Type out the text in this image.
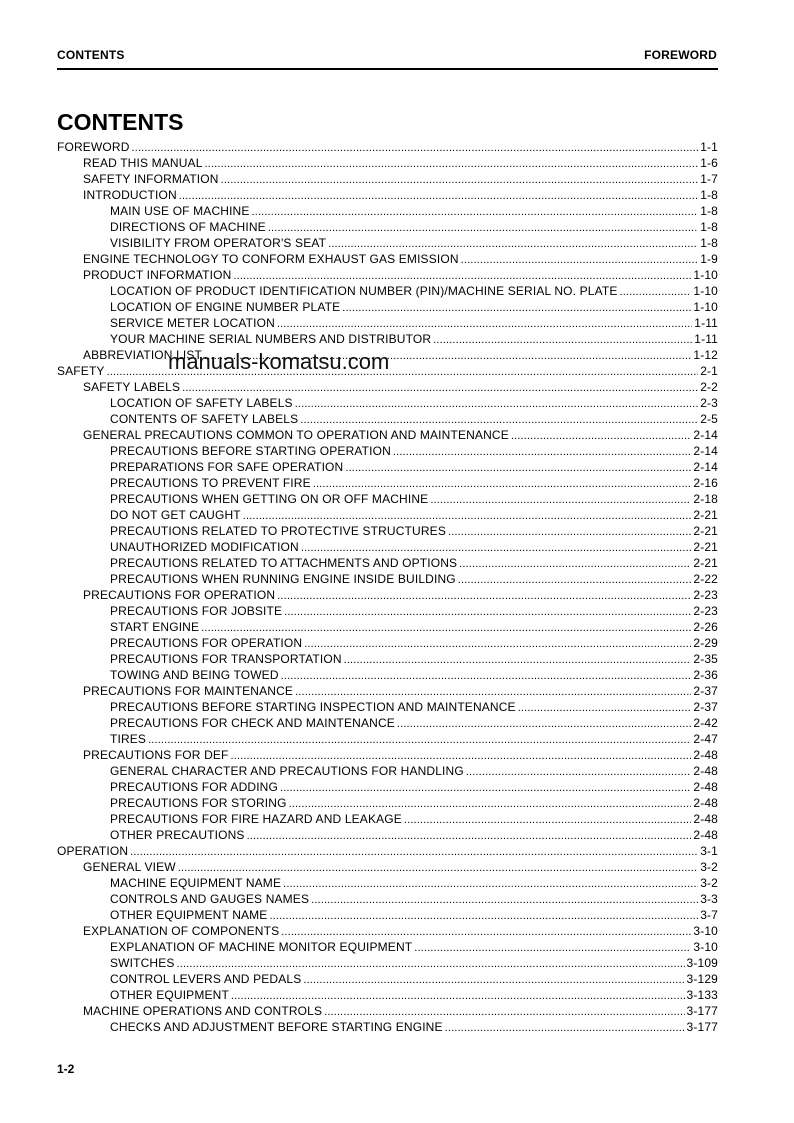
CONTENTS	FOREWORD
CONTENTS
FOREWORD .....	1-1
READ THIS MANUAL .....	1-6
SAFETY INFORMATION .....	1-7
INTRODUCTION .....	1-8
MAIN USE OF MACHINE .....	1-8
DIRECTIONS OF MACHINE .....	1-8
VISIBILITY FROM OPERATOR'S SEAT .....	1-8
ENGINE TECHNOLOGY TO CONFORM EXHAUST GAS EMISSION .....	1-9
PRODUCT INFORMATION .....	1-10
LOCATION OF PRODUCT IDENTIFICATION NUMBER (PIN)/MACHINE SERIAL NO. PLATE .....	1-10
LOCATION OF ENGINE NUMBER PLATE .....	1-10
SERVICE METER LOCATION .....	1-11
YOUR MACHINE SERIAL NUMBERS AND DISTRIBUTOR .....	1-11
ABBREVIATION LIST .....	1-12
SAFETY .....	2-1
SAFETY LABELS .....	2-2
LOCATION OF SAFETY LABELS .....	2-3
CONTENTS OF SAFETY LABELS .....	2-5
GENERAL PRECAUTIONS COMMON TO OPERATION AND MAINTENANCE .....	2-14
PRECAUTIONS BEFORE STARTING OPERATION .....	2-14
PREPARATIONS FOR SAFE OPERATION .....	2-14
PRECAUTIONS TO PREVENT FIRE .....	2-16
PRECAUTIONS WHEN GETTING ON OR OFF MACHINE .....	2-18
DO NOT GET CAUGHT .....	2-21
PRECAUTIONS RELATED TO PROTECTIVE STRUCTURES .....	2-21
UNAUTHORIZED MODIFICATION .....	2-21
PRECAUTIONS RELATED TO ATTACHMENTS AND OPTIONS .....	2-21
PRECAUTIONS WHEN RUNNING ENGINE INSIDE BUILDING .....	2-22
PRECAUTIONS FOR OPERATION .....	2-23
PRECAUTIONS FOR JOBSITE .....	2-23
START ENGINE .....	2-26
PRECAUTIONS FOR OPERATION .....	2-29
PRECAUTIONS FOR TRANSPORTATION .....	2-35
TOWING AND BEING TOWED .....	2-36
PRECAUTIONS FOR MAINTENANCE .....	2-37
PRECAUTIONS BEFORE STARTING INSPECTION AND MAINTENANCE .....	2-37
PRECAUTIONS FOR CHECK AND MAINTENANCE .....	2-42
TIRES .....	2-47
PRECAUTIONS FOR DEF .....	2-48
GENERAL CHARACTER AND PRECAUTIONS FOR HANDLING .....	2-48
PRECAUTIONS FOR ADDING .....	2-48
PRECAUTIONS FOR STORING .....	2-48
PRECAUTIONS FOR FIRE HAZARD AND LEAKAGE .....	2-48
OTHER PRECAUTIONS .....	2-48
OPERATION .....	3-1
GENERAL VIEW .....	3-2
MACHINE EQUIPMENT NAME .....	3-2
CONTROLS AND GAUGES NAMES .....	3-3
OTHER EQUIPMENT NAME .....	3-7
EXPLANATION OF COMPONENTS .....	3-10
EXPLANATION OF MACHINE MONITOR EQUIPMENT .....	3-10
SWITCHES .....	3-109
CONTROL LEVERS AND PEDALS .....	3-129
OTHER EQUIPMENT .....	3-133
MACHINE OPERATIONS AND CONTROLS .....	3-177
CHECKS AND ADJUSTMENT BEFORE STARTING ENGINE .....	3-177
manuals-komatsu.com
1-2
